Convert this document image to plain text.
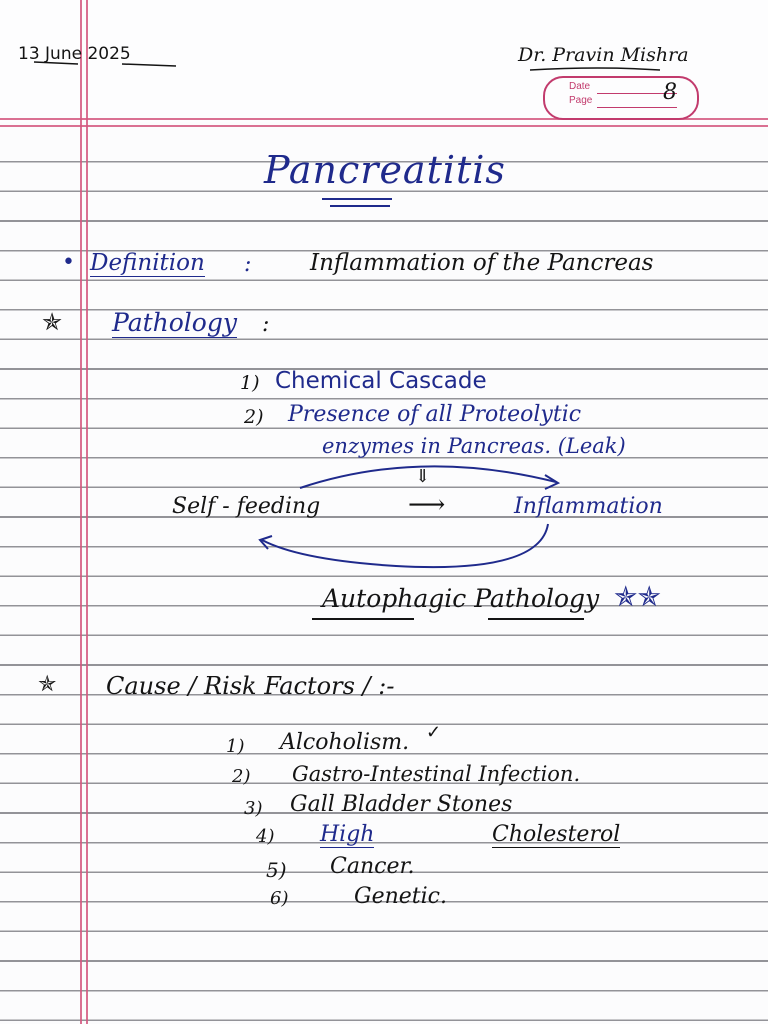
13 June 2025	Dr. Pravin Mishra
Date
Page	8
Pancreatitis
• Definition :	Inflammation of the Pancreas
✯ Pathology :
1) Chemical Cascade
2) Presence of all Proteolytic
enzymes in Pancreas. (Leak)
⇓
Self - feeding	⟶	Inflammation
Autophagic Pathology ✯✯
✯ Cause / Risk Factors / :-
1) Alcoholism. ✓
2) Gastro-Intestinal Infection.
3) Gall Bladder Stones
4) High	Cholesterol
5) Cancer.
6)	Genetic.
